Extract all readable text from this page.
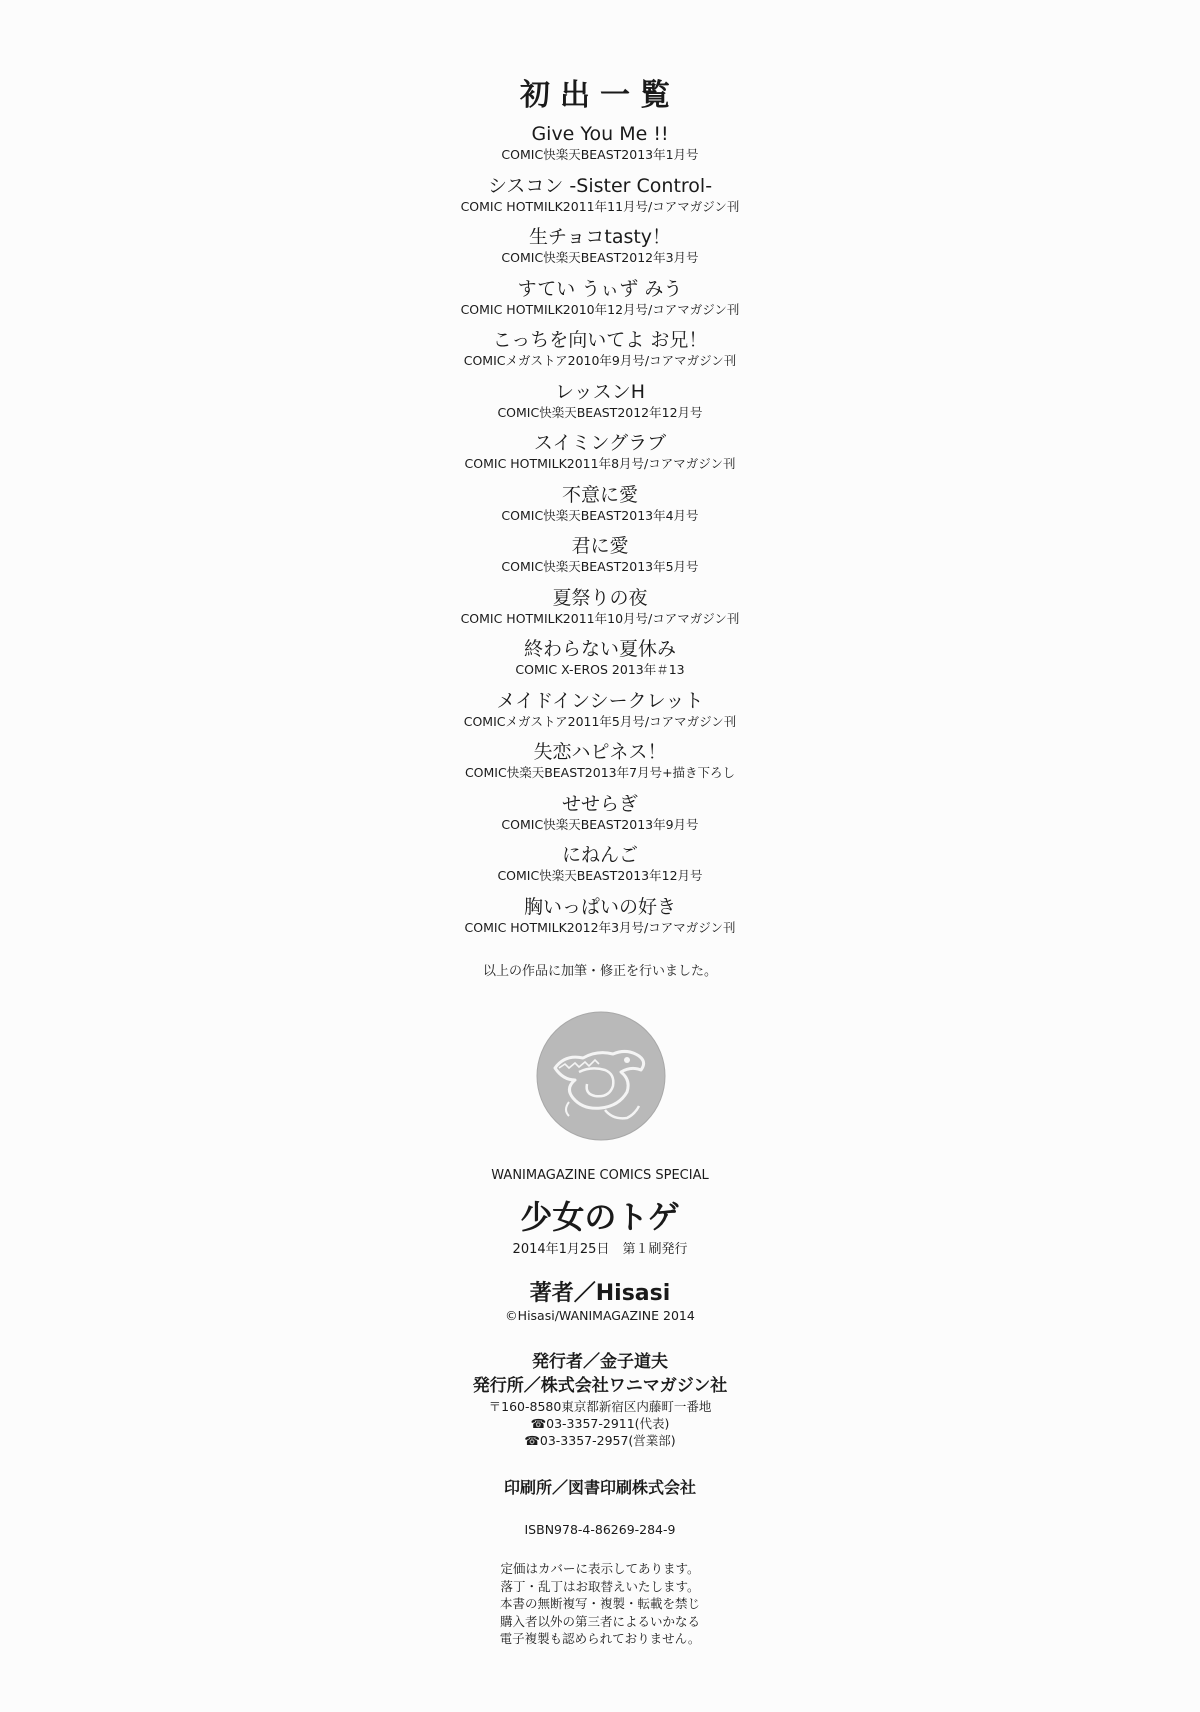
初出一覧
Give You Me !!
COMIC快楽天BEAST2013年1月号
シスコン -Sister Control-
COMIC HOTMILK2011年11月号/コアマガジン刊
生チョコtasty！
COMIC快楽天BEAST2012年3月号
すてい うぃず みう
COMIC HOTMILK2010年12月号/コアマガジン刊
こっちを向いてよ お兄！
COMICメガストア2010年9月号/コアマガジン刊
レッスンH
COMIC快楽天BEAST2012年12月号
スイミングラブ
COMIC HOTMILK2011年8月号/コアマガジン刊
不意に愛
COMIC快楽天BEAST2013年4月号
君に愛
COMIC快楽天BEAST2013年5月号
夏祭りの夜
COMIC HOTMILK2011年10月号/コアマガジン刊
終わらない夏休み
COMIC X-EROS 2013年＃13
メイドインシークレット
COMICメガストア2011年5月号/コアマガジン刊
失恋ハピネス！
COMIC快楽天BEAST2013年7月号+描き下ろし
せせらぎ
COMIC快楽天BEAST2013年9月号
にねんご
COMIC快楽天BEAST2013年12月号
胸いっぱいの好き
COMIC HOTMILK2012年3月号/コアマガジン刊
以上の作品に加筆・修正を行いました。
WANIMAGAZINE COMICS SPECIAL
少女のトゲ
2014年1月25日　第１刷発行
著者／Hisasi
©Hisasi/WANIMAGAZINE 2014
発行者／金子道夫
発行所／株式会社ワニマガジン社
〒160-8580東京都新宿区内藤町一番地
☎03-3357-2911(代表)
☎03-3357-2957(営業部)
印刷所／図書印刷株式会社
ISBN978-4-86269-284-9
定価はカバーに表示してあります。
落丁・乱丁はお取替えいたします。
本書の無断複写・複製・転載を禁じ
購入者以外の第三者によるいかなる
電子複製も認められておりません。
